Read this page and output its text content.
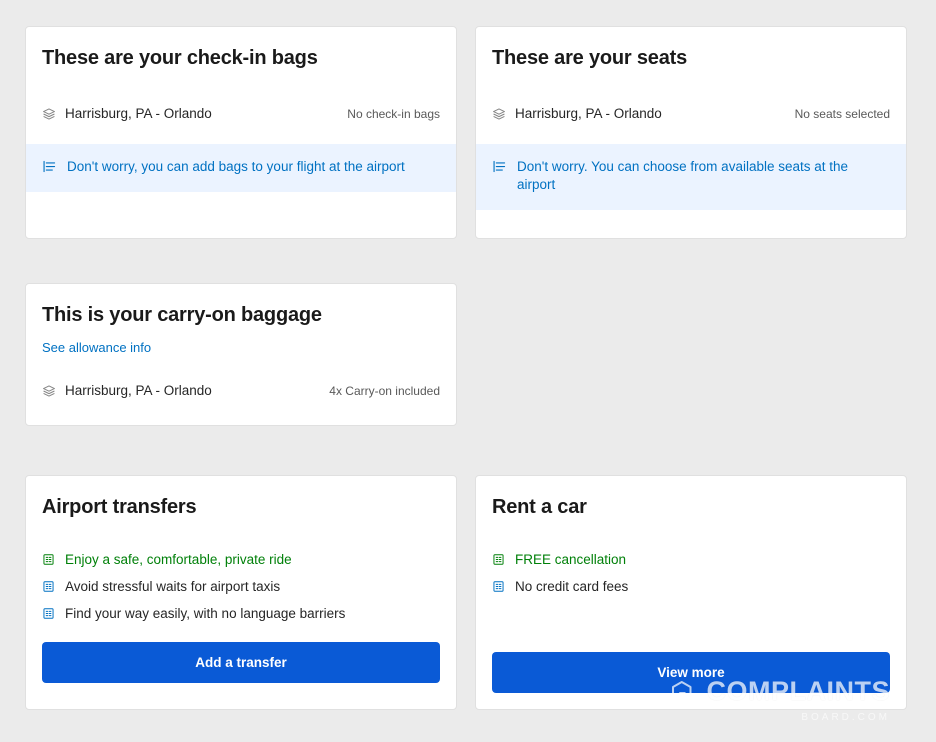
These are your check-in bags
Harrisburg, PA - Orlando	No check-in bags
Don't worry, you can add bags to your flight at the airport
These are your seats
Harrisburg, PA - Orlando	No seats selected
Don't worry. You can choose from available seats at the airport
This is your carry-on baggage
See allowance info
Harrisburg, PA - Orlando	4x Carry-on included
Airport transfers
Enjoy a safe, comfortable, private ride
Avoid stressful waits for airport taxis
Find your way easily, with no language barriers
Add a transfer
Rent a car
FREE cancellation
No credit card fees
View more
COMPLAINTS
BOARD.COM
